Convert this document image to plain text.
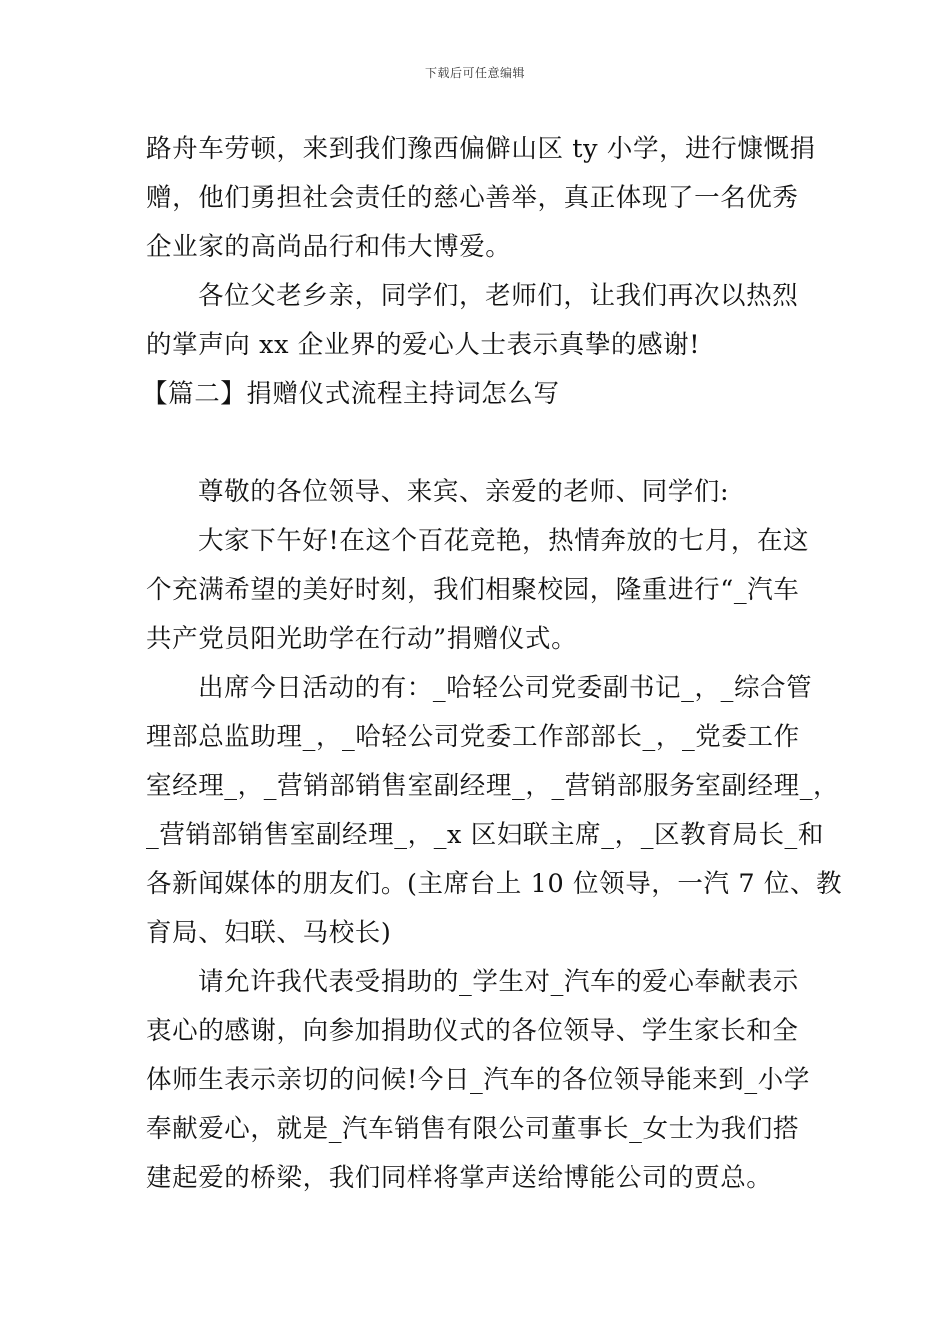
下载后可任意编辑
路舟车劳顿，来到我们豫西偏僻山区 ty 小学，进行慷慨捐
赠，他们勇担社会责任的慈心善举，真正体现了一名优秀
企业家的高尚品行和伟大博爱。
各位父老乡亲，同学们，老师们，让我们再次以热烈
的掌声向 xx 企业界的爱心人士表示真挚的感谢!
【篇二】捐赠仪式流程主持词怎么写
尊敬的各位领导、来宾、亲爱的老师、同学们:
大家下午好!在这个百花竞艳，热情奔放的七月，在这
个充满希望的美好时刻，我们相聚校园，隆重进行“_汽车
共产党员阳光助学在行动”捐赠仪式。
出席今日活动的有：_哈轻公司党委副书记_，_综合管
理部总监助理_，_哈轻公司党委工作部部长_，_党委工作
室经理_，_营销部销售室副经理_，_营销部服务室副经理_，
_营销部销售室副经理_，_x 区妇联主席_，_区教育局长_和
各新闻媒体的朋友们。(主席台上 10 位领导，一汽 7 位、教
育局、妇联、马校长)
请允许我代表受捐助的_学生对_汽车的爱心奉献表示
衷心的感谢，向参加捐助仪式的各位领导、学生家长和全
体师生表示亲切的问候!今日_汽车的各位领导能来到_小学
奉献爱心，就是_汽车销售有限公司董事长_女士为我们搭
建起爱的桥梁，我们同样将掌声送给博能公司的贾总。
